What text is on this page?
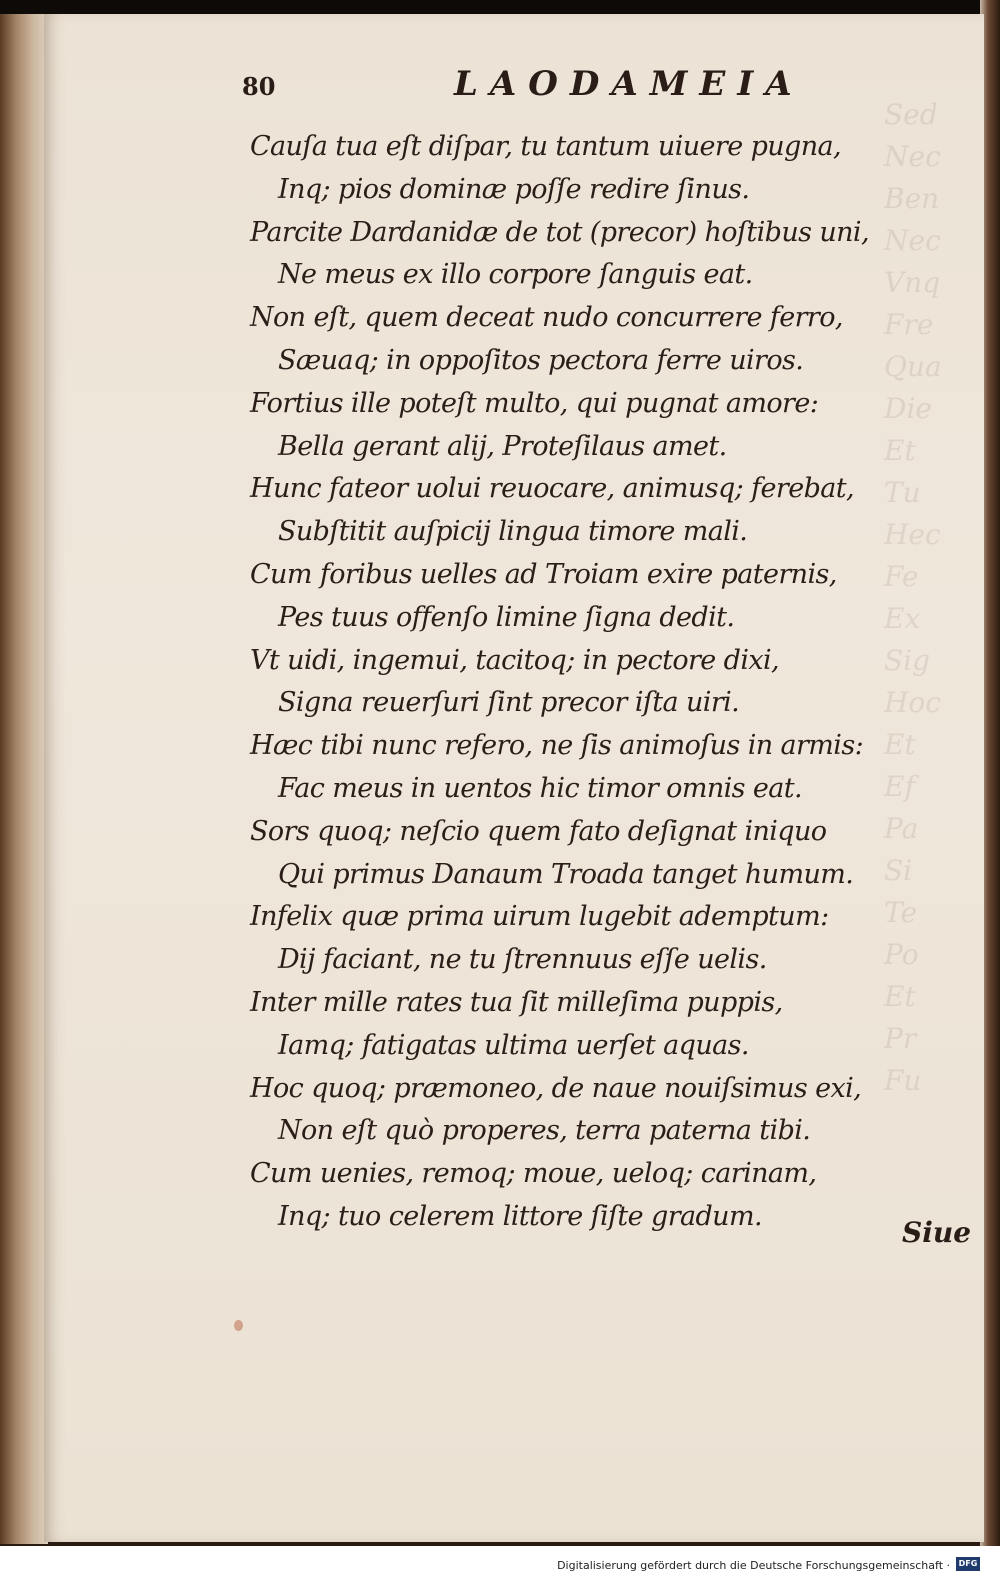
Sed
Nec
Ben
Nec
Vnq
Fre
Qua
Die
Et
Tu
Hec
Fe
Ex
Sig
Hoc
Et
Ef
Pa
Si
Te
Po
Et
Pr
Fu
80	LAODAMEIA
Cauſa tua eſt diſpar, tu tantum uiuere pugna,
Inq; pios dominæ poſſe redire ſinus.
Parcite Dardanidæ de tot (precor) hoſtibus uni,
Ne meus ex illo corpore ſanguis eat.
Non eſt, quem deceat nudo concurrere ferro,
Sæuaq; in oppoſitos pectora ferre uiros.
Fortius ille poteſt multo, qui pugnat amore:
Bella gerant alij, Proteſilaus amet.
Hunc fateor uolui reuocare, animusq; ferebat,
Subſtitit auſpicij lingua timore mali.
Cum foribus uelles ad Troiam exire paternis,
Pes tuus offenſo limine ſigna dedit.
Vt uidi, ingemui, tacitoq; in pectore dixi,
Signa reuerſuri ſint precor iſta uiri.
Hæc tibi nunc refero, ne ſis animoſus in armis:
Fac meus in uentos hic timor omnis eat.
Sors quoq; neſcio quem fato deſignat iniquo
Qui primus Danaum Troada tanget humum.
Infelix quæ prima uirum lugebit ademptum:
Dij faciant, ne tu ſtrennuus eſſe uelis.
Inter mille rates tua ſit milleſima puppis,
Iamq; fatigatas ultima uerſet aquas.
Hoc quoq; præmoneo, de naue nouiſsimus exi,
Non eſt quò properes, terra paterna tibi.
Cum uenies, remoq; moue, ueloq; carinam,
Inq; tuo celerem littore ſiſte gradum.	Siue
Digitalisierung gefördert durch die Deutsche Forschungsgemeinschaft ·	DFG
